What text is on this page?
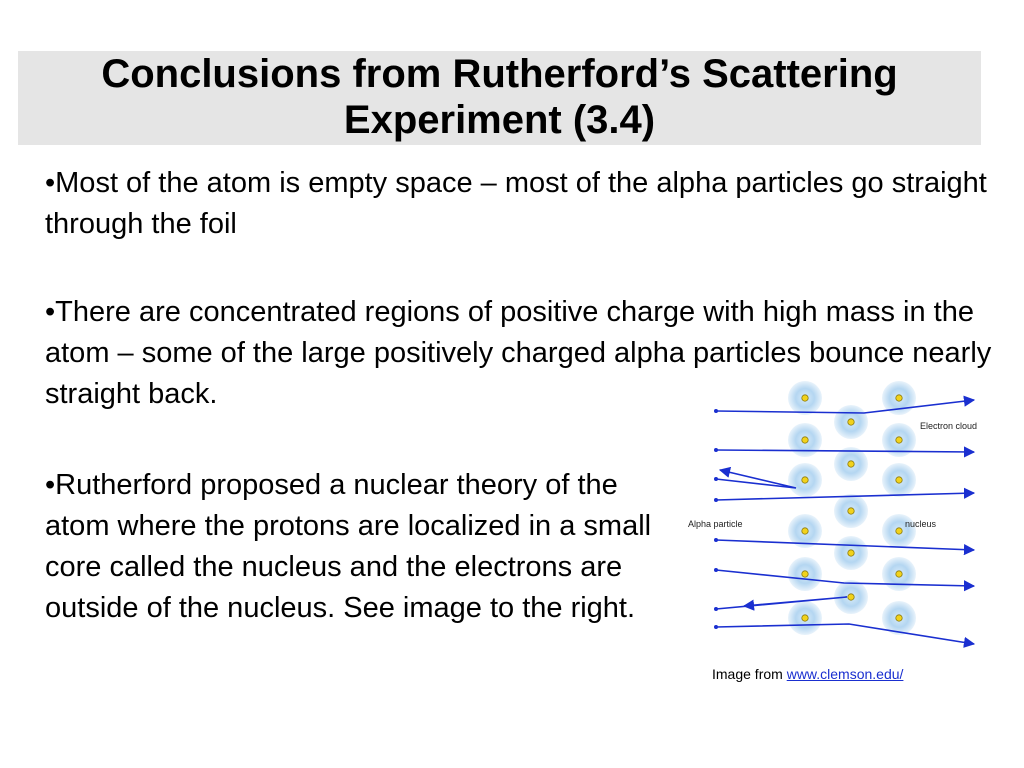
Conclusions from Rutherford’s Scattering
Experiment (3.4)

•Most of the atom is empty space – most of the alpha particles go straight through the foil

•There are concentrated regions of positive charge with high mass in the atom – some of the large positively charged alpha particles bounce nearly straight back.

•Rutherford proposed a nuclear theory of the atom where the protons are localized in a small core called the nucleus and the electrons are outside of the nucleus. See image to the right.

Electron cloud
Alpha particle	nucleus
Image from www.clemson.edu/
